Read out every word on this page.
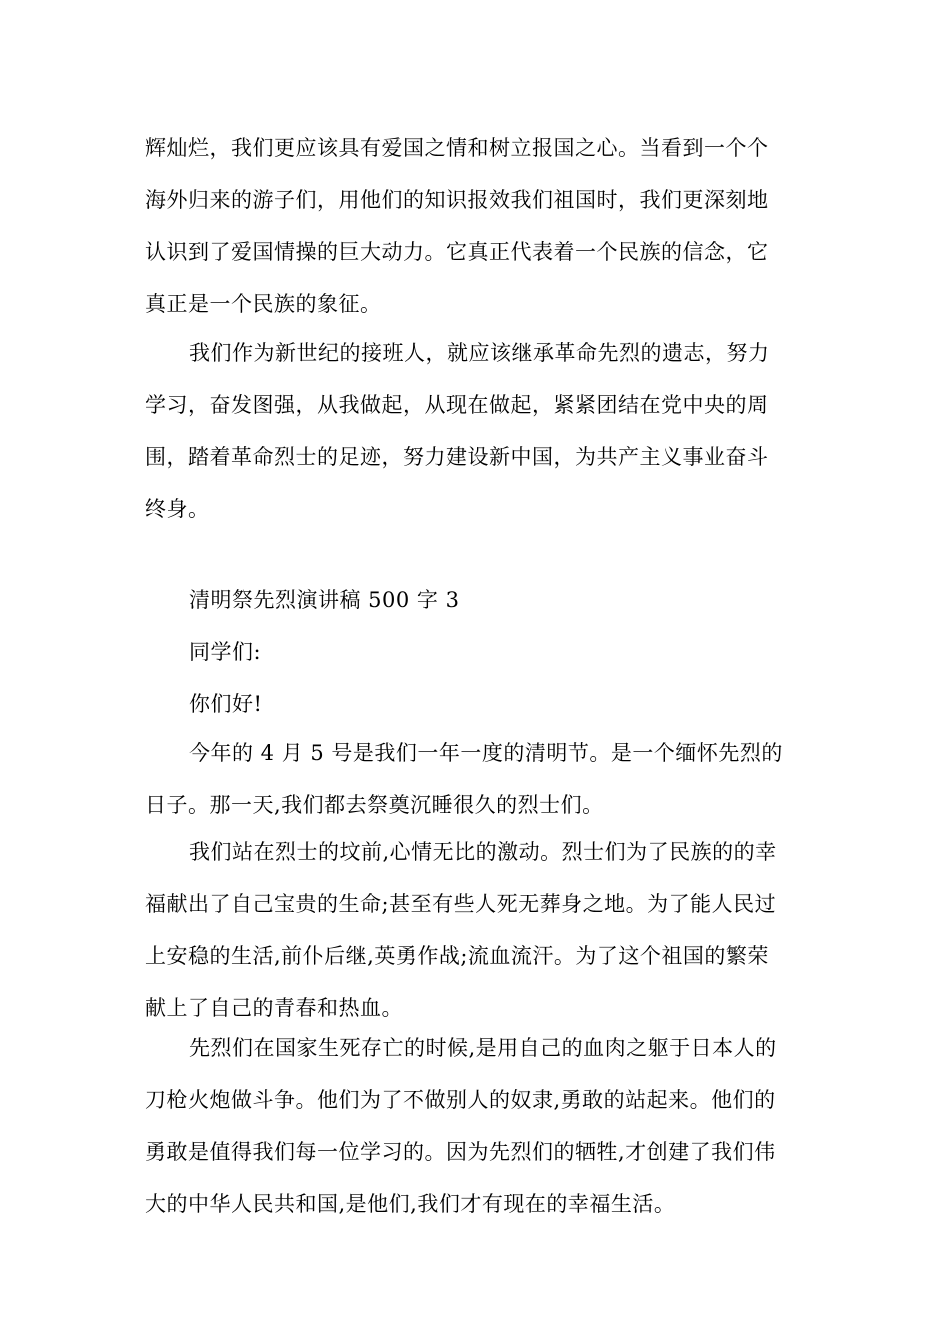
辉灿烂，我们更应该具有爱国之情和树立报国之心。当看到一个个
海外归来的游子们，用他们的知识报效我们祖国时，我们更深刻地
认识到了爱国情操的巨大动力。它真正代表着一个民族的信念，它
真正是一个民族的象征。
我们作为新世纪的接班人，就应该继承革命先烈的遗志，努力
学习，奋发图强，从我做起，从现在做起，紧紧团结在党中央的周
围，踏着革命烈士的足迹，努力建设新中国，为共产主义事业奋斗
终身。
清明祭先烈演讲稿 500 字 3
同学们:
你们好!
今年的 4 月 5 号是我们一年一度的清明节。是一个缅怀先烈的
日子。那一天,我们都去祭奠沉睡很久的烈士们。
我们站在烈士的坟前,心情无比的激动。烈士们为了民族的的幸
福献出了自己宝贵的生命;甚至有些人死无葬身之地。为了能人民过
上安稳的生活,前仆后继,英勇作战;流血流汗。为了这个祖国的繁荣
献上了自己的青春和热血。
先烈们在国家生死存亡的时候,是用自己的血肉之躯于日本人的
刀枪火炮做斗争。他们为了不做别人的奴隶,勇敢的站起来。他们的
勇敢是值得我们每一位学习的。因为先烈们的牺牲,才创建了我们伟
大的中华人民共和国,是他们,我们才有现在的幸福生活。
